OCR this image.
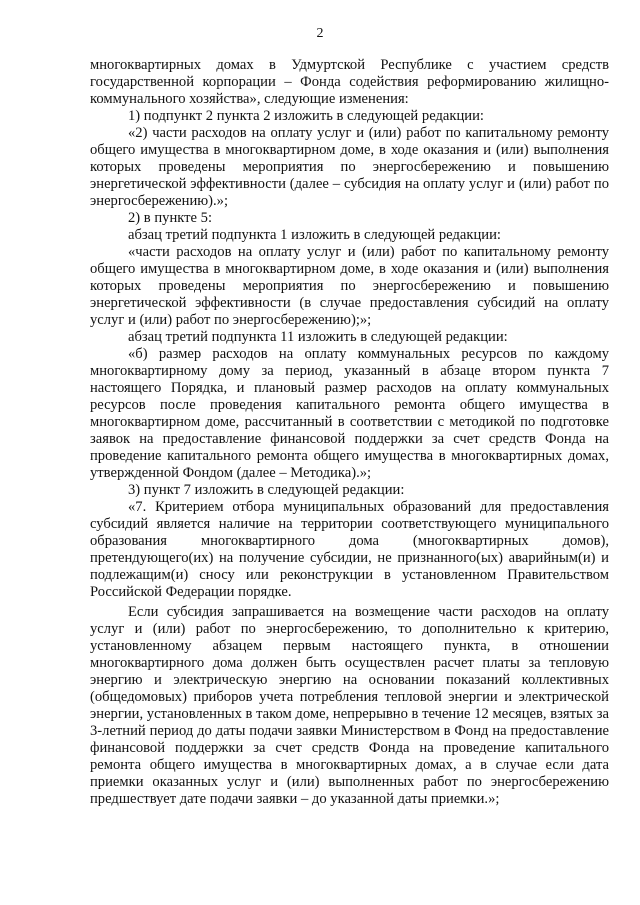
2

многоквартирных домах в Удмуртской Республике с участием средств государственной корпорации – Фонда содействия реформированию жилищно-коммунального хозяйства», следующие изменения:

1) подпункт 2 пункта 2 изложить в следующей редакции:

«2) части расходов на оплату услуг и (или) работ по капитальному ремонту общего имущества в многоквартирном доме, в ходе оказания и (или) выполнения которых проведены мероприятия по энергосбережению и повышению энергетической эффективности (далее – субсидия на оплату услуг и (или) работ по энергосбережению).»;

2) в пункте 5:

абзац третий подпункта 1 изложить в следующей редакции:

«части расходов на оплату услуг и (или) работ по капитальному ремонту общего имущества в многоквартирном доме, в ходе оказания и (или) выполнения которых проведены мероприятия по энергосбережению и повышению энергетической эффективности (в случае предоставления субсидий на оплату услуг и (или) работ по энергосбережению);»;

абзац третий подпункта 11 изложить в следующей редакции:

«б) размер расходов на оплату коммунальных ресурсов по каждому многоквартирному дому за период, указанный в абзаце втором пункта 7 настоящего Порядка, и плановый размер расходов на оплату коммунальных ресурсов после проведения капитального ремонта общего имущества в многоквартирном доме, рассчитанный в соответствии с методикой по подготовке заявок на предоставление финансовой поддержки за счет средств Фонда на проведение капитального ремонта общего имущества в многоквартирных домах, утвержденной Фондом (далее – Методика).»;

3) пункт 7 изложить в следующей редакции:

«7. Критерием отбора муниципальных образований для предоставления субсидий является наличие на территории соответствующего муниципального образования многоквартирного дома (многоквартирных домов), претендующего(их) на получение субсидии, не признанного(ых) аварийным(и) и подлежащим(и) сносу или реконструкции в установленном Правительством Российской Федерации порядке.

Если субсидия запрашивается на возмещение части расходов на оплату услуг и (или) работ по энергосбережению, то дополнительно к критерию, установленному абзацем первым настоящего пункта, в отношении многоквартирного дома должен быть осуществлен расчет платы за тепловую энергию и электрическую энергию на основании показаний коллективных (общедомовых) приборов учета потребления тепловой энергии и электрической энергии, установленных в таком доме, непрерывно в течение 12 месяцев, взятых за 3-летний период до даты подачи заявки Министерством в Фонд на предоставление финансовой поддержки за счет средств Фонда на проведение капитального ремонта общего имущества в многоквартирных домах, а в случае если дата приемки оказанных услуг и (или) выполненных работ по энергосбережению предшествует дате подачи заявки – до указанной даты приемки.»;
